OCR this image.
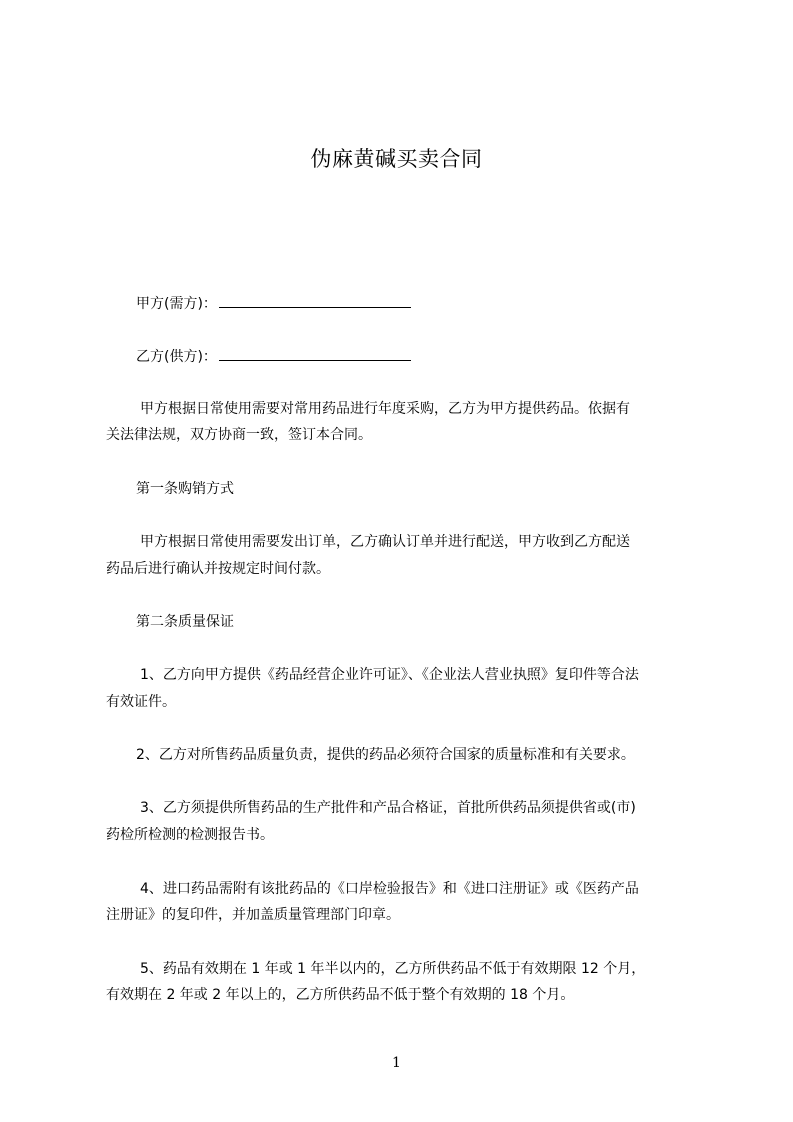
伪麻黄碱买卖合同
甲方(需方)：
乙方(供方)：
甲方根据日常使用需要对常用药品进行年度采购，乙方为甲方提供药品。依据有
关法律法规，双方协商一致，签订本合同。
第一条购销方式
甲方根据日常使用需要发出订单，乙方确认订单并进行配送，甲方收到乙方配送
药品后进行确认并按规定时间付款。
第二条质量保证
1、乙方向甲方提供《药品经营企业许可证》、《企业法人营业执照》复印件等合法
有效证件。
2、乙方对所售药品质量负责，提供的药品必须符合国家的质量标准和有关要求。
3、乙方须提供所售药品的生产批件和产品合格证，首批所供药品须提供省或(市)
药检所检测的检测报告书。
4、进口药品需附有该批药品的《口岸检验报告》和《进口注册证》或《医药产品
注册证》的复印件，并加盖质量管理部门印章。
5、药品有效期在 1 年或 1 年半以内的，乙方所供药品不低于有效期限 12 个月，
有效期在 2 年或 2 年以上的，乙方所供药品不低于整个有效期的 18 个月。
1
